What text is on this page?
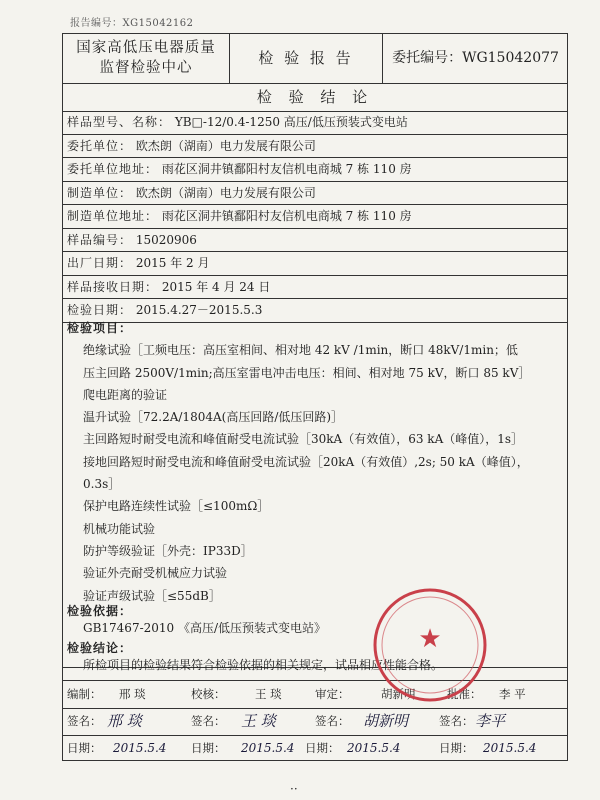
报告编号：XG15042162
国家高低压电器质量
监督检验中心
检 验 报 告	委托编号：WG15042077
检 验 结 论
样品型号、名称： YB□-12/0.4-1250 高压/低压预装式变电站
委托单位： 欧杰朗（湖南）电力发展有限公司
委托单位地址： 雨花区洞井镇鄱阳村友信机电商城 7 栋 110 房
制造单位： 欧杰朗（湖南）电力发展有限公司
制造单位地址： 雨花区洞井镇鄱阳村友信机电商城 7 栋 110 房
样品编号： 15020906
出厂日期： 2015 年 2 月
样品接收日期： 2015 年 4 月 24 日
检验日期： 2015.4.27－2015.5.3
检验项目：
绝缘试验［工频电压：高压室相间、相对地 42 kV /1min，断口 48kV/1min；低
压主回路 2500V/1min;高压室雷电冲击电压：相间、相对地 75 kV，断口 85 kV］
爬电距离的验证
温升试验［72.2A/1804A(高压回路/低压回路)］
主回路短时耐受电流和峰值耐受电流试验［30kA（有效值），63 kA（峰值），1s］
接地回路短时耐受电流和峰值耐受电流试验［20kA（有效值）,2s; 50 kA（峰值），
0.3s］
保护电路连续性试验［≤100mΩ］
机械功能试验
防护等级验证［外壳：IP33D］
验证外壳耐受机械应力试验
验证声级试验［≤55dB］
检验依据：
GB17467-2010 《高压/低压预装式变电站》
检验结论：
所检项目的检验结果符合检验依据的相关规定，试品相应性能合格。
编制： 邢 琰	校核：	王 琰	审定：	胡新明	批准： 李 平
签名： 邢 琰	签名： 王 琰	签名： 胡新明	签名： 李平
日期： 2015.5.4 日期： 2015.5.4 日期： 2015.5.4	日期： 2015.5.4
★
··
